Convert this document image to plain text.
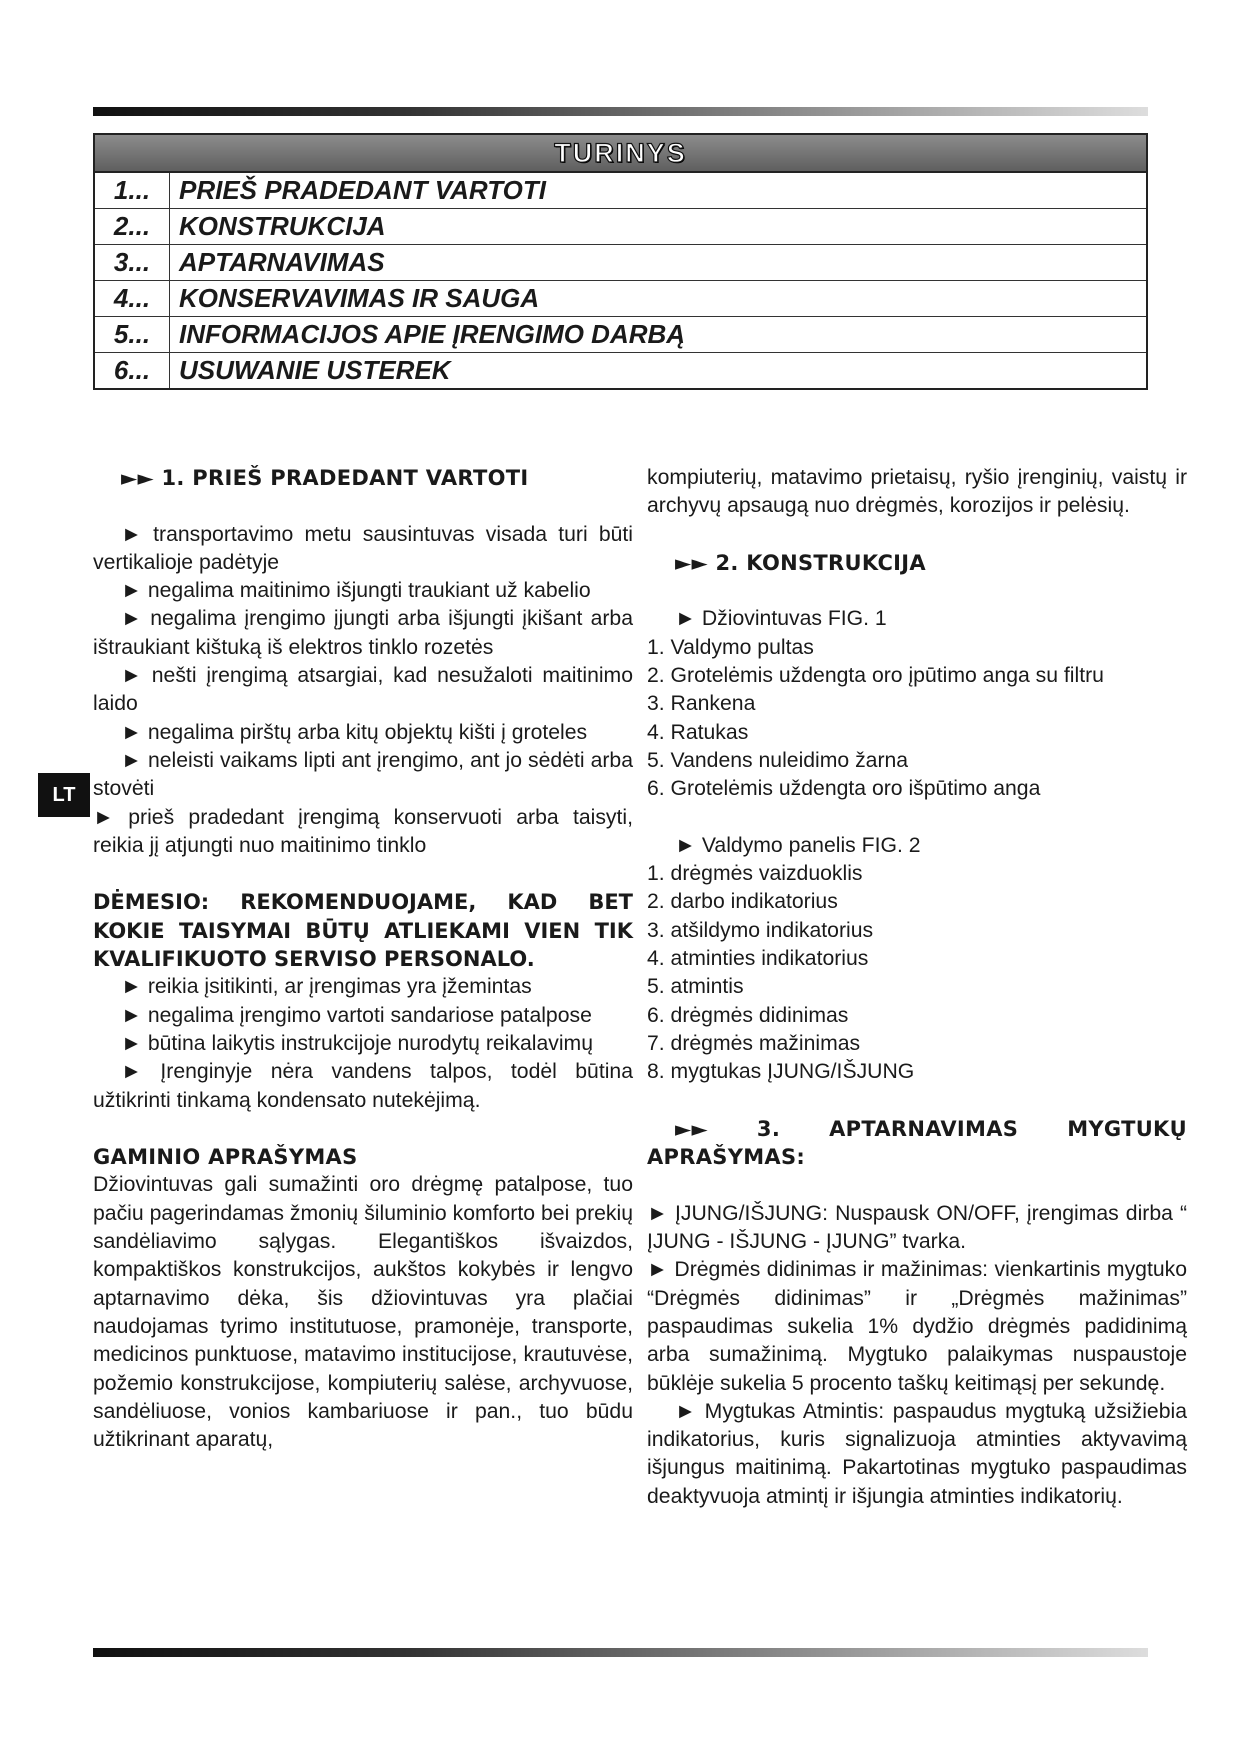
TURINYS
1...	PRIEŠ PRADEDANT VARTOTI
2...	KONSTRUKCIJA
3...	APTARNAVIMAS
4...	KONSERVAVIMAS IR SAUGA
5...	INFORMACIJOS APIE ĮRENGIMO DARBĄ
6...	USUWANIE USTEREK
LT

►► 1. PRIEŠ PRADEDANT VARTOTI

► transportavimo metu sausintuvas visada turi būti vertikalioje padėtyje

► negalima maitinimo išjungti traukiant už kabelio

► negalima įrengimo įjungti arba išjungti įkišant arba ištraukiant kištuką iš elektros tinklo rozetės

► nešti įrengimą atsargiai, kad nesužaloti maitinimo laido

► negalima pirštų arba kitų objektų kišti į groteles

► neleisti vaikams lipti ant įrengimo, ant jo sėdėti arba stovėti

► prieš pradedant įrengimą konservuoti arba taisyti, reikia jį atjungti nuo maitinimo tinklo

DĖMESIO: REKOMENDUOJAME, KAD BET KOKIE TAISYMAI BŪTŲ ATLIEKAMI VIEN TIK KVALIFIKUOTO SERVISO PERSONALO.

► reikia įsitikinti, ar įrengimas yra įžemintas

► negalima įrengimo vartoti sandariose patalpose

► būtina laikytis instrukcijoje nurodytų reikalavimų

► Įrenginyje nėra vandens talpos, todėl būtina užtikrinti tinkamą kondensato nutekėjimą.

GAMINIO APRAŠYMAS

Džiovintuvas gali sumažinti oro drėgmę patalpose, tuo pačiu pagerindamas žmonių šiluminio komforto bei prekių sandėliavimo sąlygas. Elegantiškos išvaizdos, kompaktiškos konstrukcijos, aukštos kokybės ir lengvo aptarnavimo dėka, šis džiovintuvas yra plačiai naudojamas tyrimo institutuose, pramonėje, transporte, medicinos punktuose, matavimo institucijose, krautuvėse, požemio konstrukcijose, kompiuterių salėse, archyvuose, sandėliuose, vonios kambariuose ir pan., tuo būdu užtikrinant aparatų,

kompiuterių, matavimo prietaisų, ryšio įrenginių, vaistų ir archyvų apsaugą nuo drėgmės, korozijos ir pelėsių.

►► 2. KONSTRUKCIJA

► Džiovintuvas FIG. 1

1. Valdymo pultas

2. Grotelėmis uždengta oro įpūtimo anga su filtru

3. Rankena

4. Ratukas

5. Vandens nuleidimo žarna

6. Grotelėmis uždengta oro išpūtimo anga

► Valdymo panelis FIG. 2

1. drėgmės vaizduoklis

2. darbo indikatorius

3. atšildymo indikatorius

4. atminties indikatorius

5. atmintis

6. drėgmės didinimas

7. drėgmės mažinimas

8. mygtukas ĮJUNG/IŠJUNG

►► 3. APTARNAVIMAS MYGTUKŲ APRAŠYMAS:

► ĮJUNG/IŠJUNG: Nuspausk ON/OFF, įrengimas dirba “ ĮJUNG - IŠJUNG - ĮJUNG” tvarka.

► Drėgmės didinimas ir mažinimas: vienkartinis mygtuko “Drėgmės didinimas” ir „Drėgmės mažinimas” paspaudimas sukelia 1% dydžio drėgmės padidinimą arba sumažinimą. Mygtuko palaikymas nuspaustoje būklėje sukelia 5 procento taškų keitimąsį per sekundę.

► Mygtukas Atmintis: paspaudus mygtuką užsižiebia indikatorius, kuris signalizuoja atminties aktyvavimą išjungus maitinimą. Pakartotinas mygtuko paspaudimas deaktyvuoja atmintį ir išjungia atminties indikatorių.
